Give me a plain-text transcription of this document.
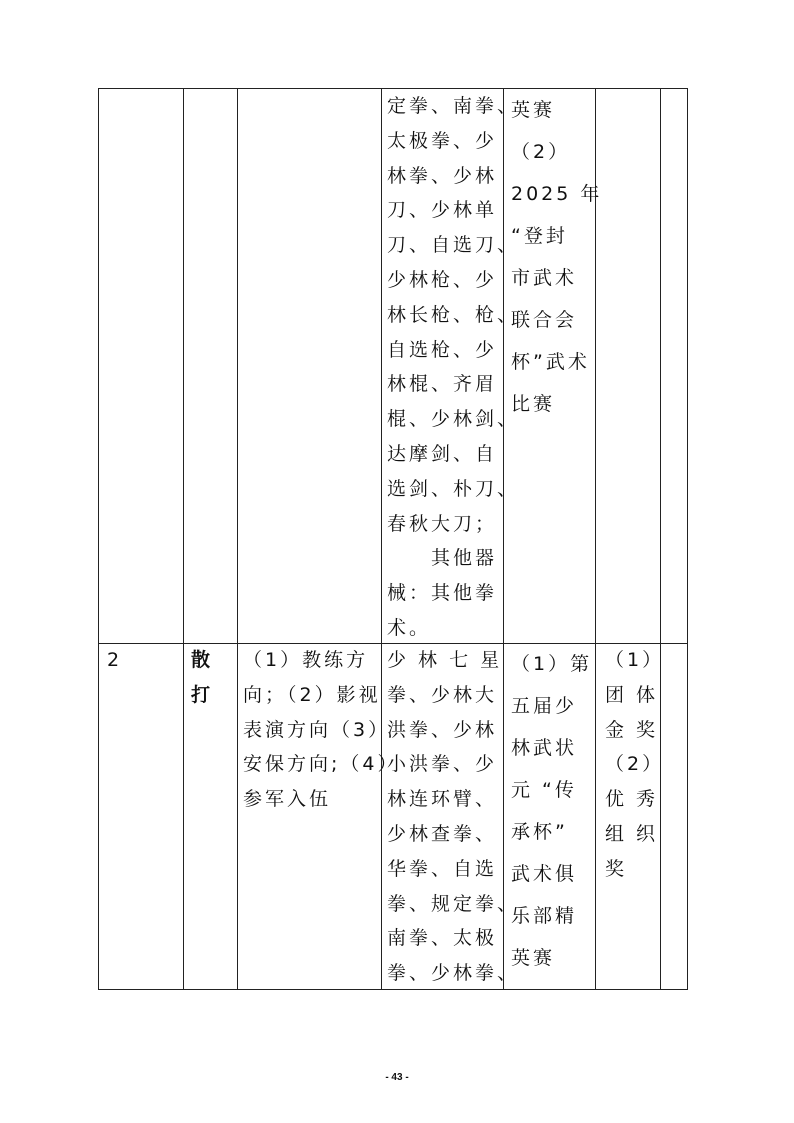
定拳、南拳、
太极拳、少
林拳、少林
刀、少林单
刀、自选刀、
少林枪、少
林长枪、枪、
自选枪、少
林棍、齐眉
棍、少林剑、
达摩剑、自
选剑、朴刀、
春秋大刀；
　　其他器
械：其他拳
术。
英赛
（2）
2025 年
“登封
市武术
联合会
杯”武术
比赛
2	散
打
（1）教练方
向；（2）影视
表演方向（3）
安保方向;（4）
参军入伍
少 林 七 星
拳、少林大
洪拳、少林
小洪拳、少
林连环臂、
少林查拳、
华拳、自选
拳、规定拳、
南拳、太极
拳、少林拳、
（1）第
五届少
林武状
元 “传
承杯”
武术俱
乐部精
英赛
（1）
团 体
金 奖
（2）
优 秀
组 织
奖
- 43 -
